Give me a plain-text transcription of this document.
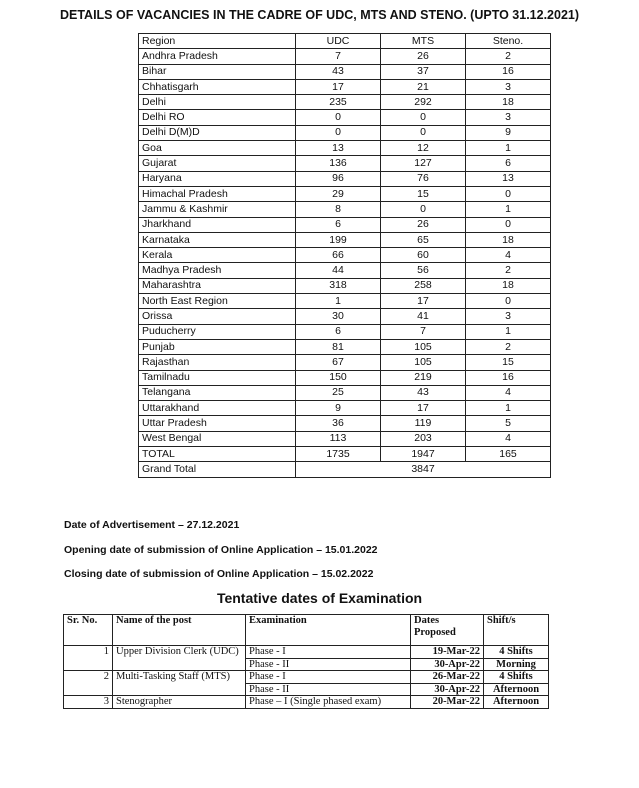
DETAILS OF VACANCIES IN THE CADRE OF UDC, MTS AND STENO. (UPTO 31.12.2021)
Region	UDC	MTS	Steno.
Andhra Pradesh	7	26	2
Bihar	43	37	16
Chhatisgarh	17	21	3
Delhi	235	292	18
Delhi RO	0	0	3
Delhi D(M)D	0	0	9
Goa	13	12	1
Gujarat	136	127	6
Haryana	96	76	13
Himachal Pradesh	29	15	0
Jammu & Kashmir	8	0	1
Jharkhand	6	26	0
Karnataka	199	65	18
Kerala	66	60	4
Madhya Pradesh	44	56	2
Maharashtra	318	258	18
North East Region	1	17	0
Orissa	30	41	3
Puducherry	6	7	1
Punjab	81	105	2
Rajasthan	67	105	15
Tamilnadu	150	219	16
Telangana	25	43	4
Uttarakhand	9	17	1
Uttar Pradesh	36	119	5
West Bengal	113	203	4
TOTAL	1735	1947	165
Grand Total	3847		
Date of Advertisement – 27.12.2021
Opening date of submission of Online Application – 15.01.2022
Closing date of submission of Online Application – 15.02.2022
Tentative dates of Examination
Sr. No.	Name of the post	Examination	Dates Proposed	Shift/s
1	Upper Division Clerk (UDC)	Phase - I	19-Mar-22	4 Shifts
		Phase - II	30-Apr-22	Morning
2	Multi-Tasking Staff (MTS)	Phase - I	26-Mar-22	4 Shifts
		Phase - II	30-Apr-22	Afternoon
3	Stenographer	Phase – I (Single phased exam)	20-Mar-22	Afternoon
